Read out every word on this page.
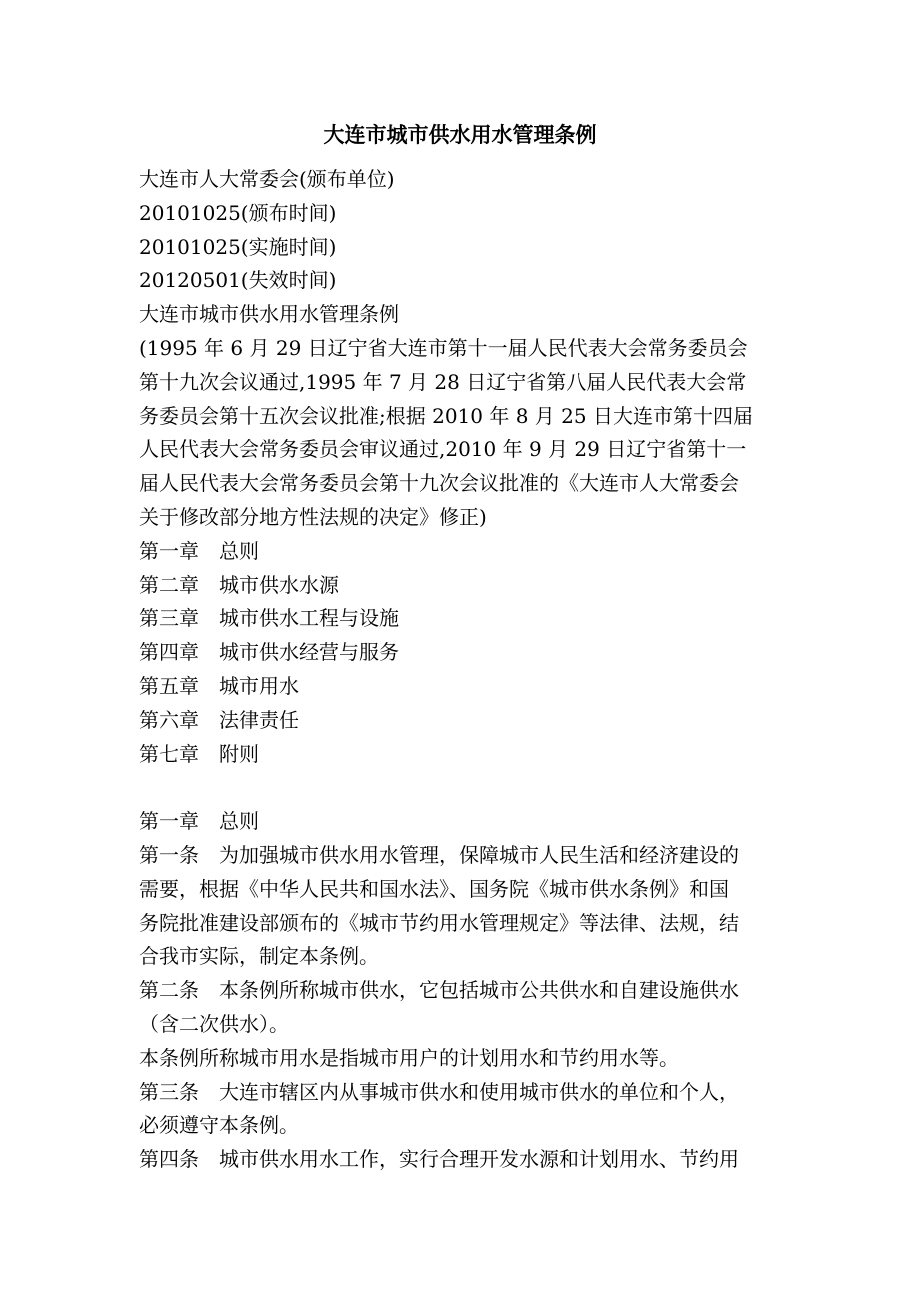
大连市城市供水用水管理条例
大连市人大常委会(颁布单位)
20101025(颁布时间)
20101025(实施时间)
20120501(失效时间)
大连市城市供水用水管理条例
(1995 年 6 月 29 日辽宁省大连市第十一届人民代表大会常务委员会
第十九次会议通过,1995 年 7 月 28 日辽宁省第八届人民代表大会常
务委员会第十五次会议批准;根据 2010 年 8 月 25 日大连市第十四届
人民代表大会常务委员会审议通过,2010 年 9 月 29 日辽宁省第十一
届人民代表大会常务委员会第十九次会议批准的《大连市人大常委会
关于修改部分地方性法规的决定》修正)
第一章　总则
第二章　城市供水水源
第三章　城市供水工程与设施
第四章　城市供水经营与服务
第五章　城市用水
第六章　法律责任
第七章　附则
第一章　总则
第一条　为加强城市供水用水管理，保障城市人民生活和经济建设的
需要，根据《中华人民共和国水法》、国务院《城市供水条例》和国
务院批准建设部颁布的《城市节约用水管理规定》等法律、法规，结
合我市实际，制定本条例。
第二条　本条例所称城市供水，它包括城市公共供水和自建设施供水
（含二次供水）。
本条例所称城市用水是指城市用户的计划用水和节约用水等。
第三条　大连市辖区内从事城市供水和使用城市供水的单位和个人，
必须遵守本条例。
第四条　城市供水用水工作，实行合理开发水源和计划用水、节约用
